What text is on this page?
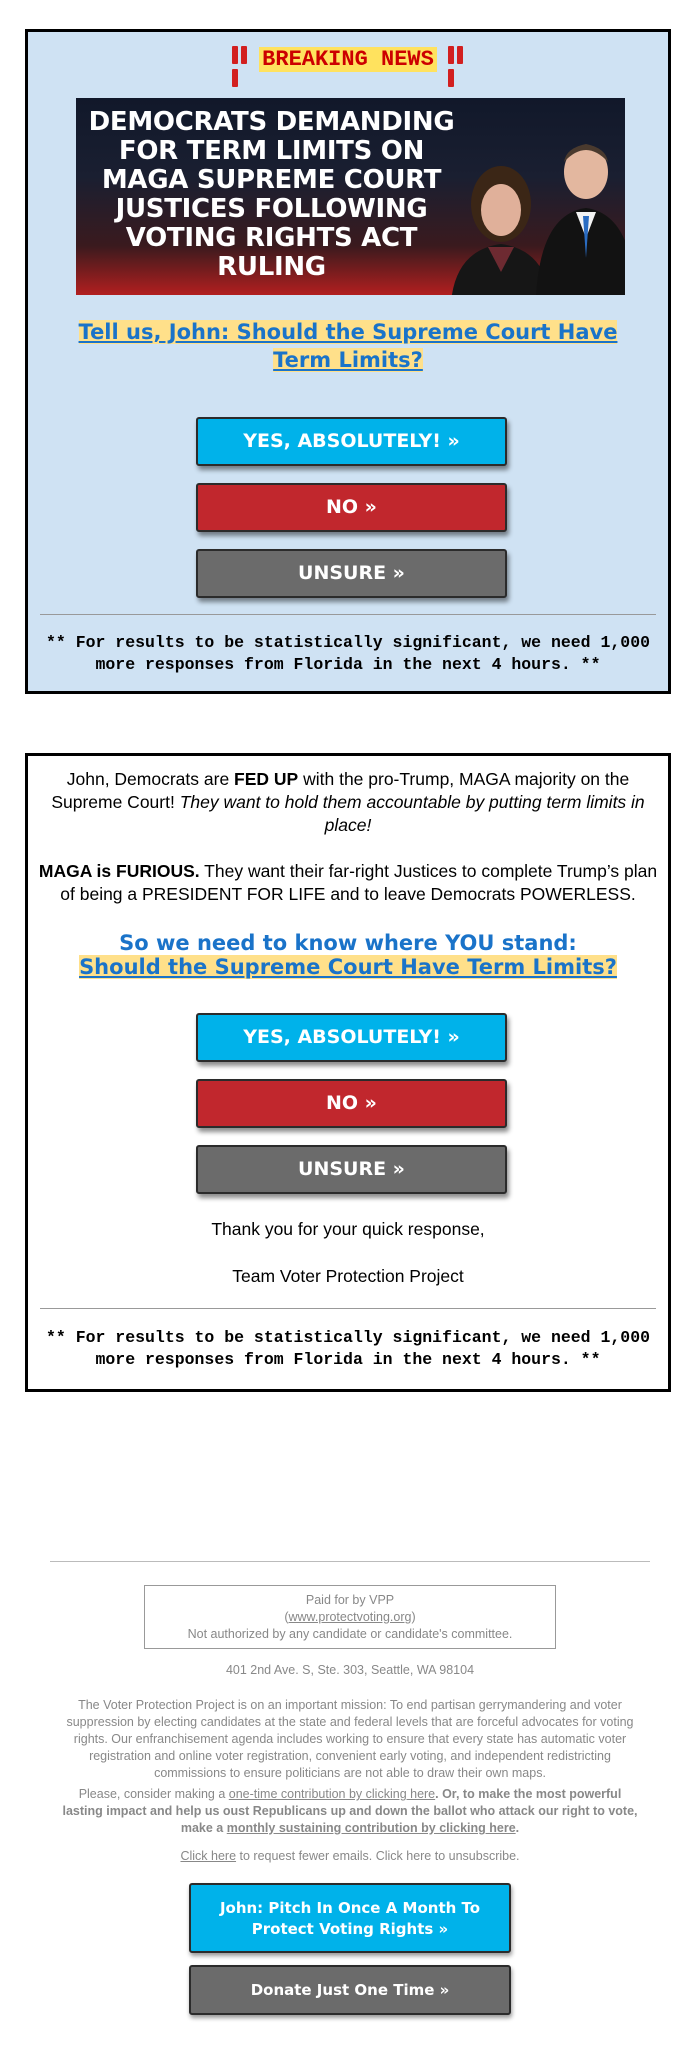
BREAKING NEWS
DEMOCRATS DEMANDING FOR TERM LIMITS ON MAGA SUPREME COURT JUSTICES FOLLOWING VOTING RIGHTS ACT RULING
Tell us, John: Should the Supreme Court Have Term Limits?
YES, ABSOLUTELY! »
NO »
UNSURE »
** For results to be statistically significant, we need 1,000 more responses from Florida in the next 4 hours. **
John, Democrats are FED UP with the pro-Trump, MAGA majority on the Supreme Court! They want to hold them accountable by putting term limits in place!
MAGA is FURIOUS. They want their far-right Justices to complete Trump’s plan of being a PRESIDENT FOR LIFE and to leave Democrats POWERLESS.
So we need to know where YOU stand:
Should the Supreme Court Have Term Limits?
YES, ABSOLUTELY! »
NO »
UNSURE »
Thank you for your quick response,
Team Voter Protection Project
** For results to be statistically significant, we need 1,000 more responses from Florida in the next 4 hours. **
Paid for by VPP
(www.protectvoting.org)
Not authorized by any candidate or candidate's committee.
401 2nd Ave. S, Ste. 303, Seattle, WA 98104
The Voter Protection Project is on an important mission: To end partisan gerrymandering and voter suppression by electing candidates at the state and federal levels that are forceful advocates for voting rights. Our enfranchisement agenda includes working to ensure that every state has automatic voter registration and online voter registration, convenient early voting, and independent redistricting commissions to ensure politicians are not able to draw their own maps.
Please, consider making a one-time contribution by clicking here. Or, to make the most powerful lasting impact and help us oust Republicans up and down the ballot who attack our right to vote, make a monthly sustaining contribution by clicking here.
Click here to request fewer emails. Click here to unsubscribe.
John: Pitch In Once A Month To Protect Voting Rights »
Donate Just One Time »
